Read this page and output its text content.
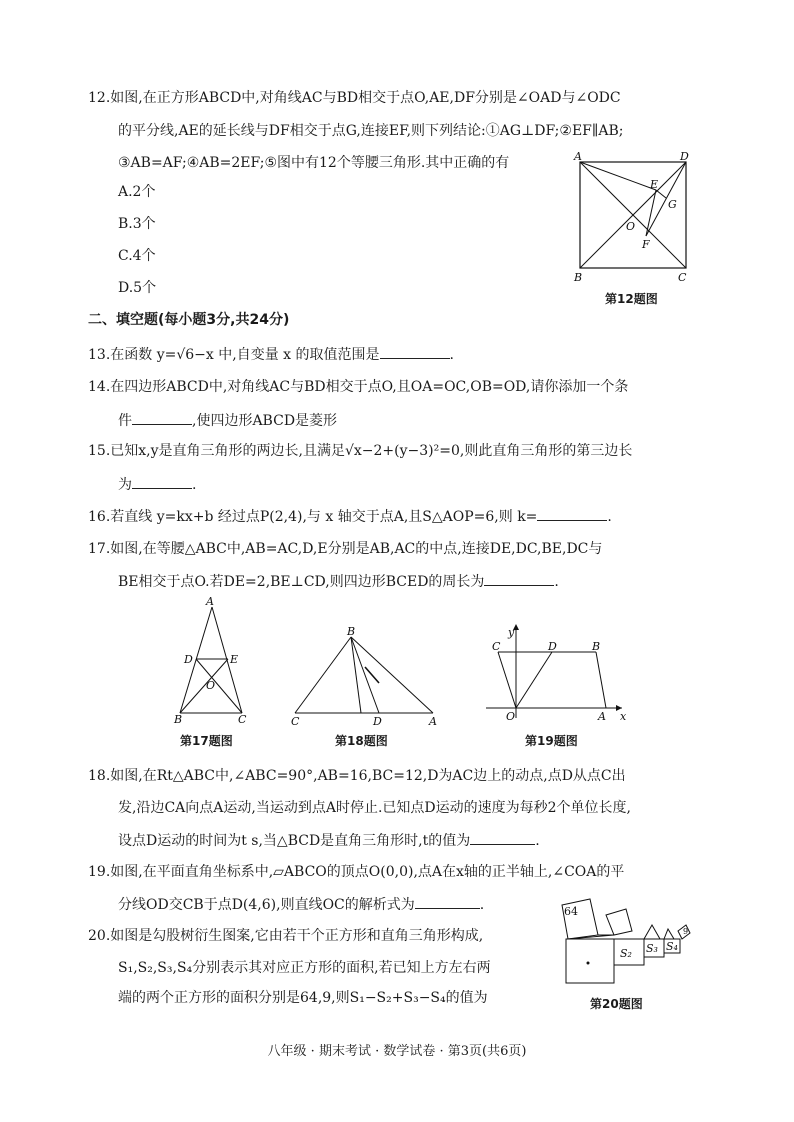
12.如图,在正方形ABCD中,对角线AC与BD相交于点O,AE,DF分别是∠OAD与∠ODC
的平分线,AE的延长线与DF相交于点G,连接EF,则下列结论:①AG⊥DF;②EF∥AB;
③AB=AF;④AB=2EF;⑤图中有12个等腰三角形.其中正确的有
A.2个
B.3个
C.4个
D.5个
A	D
E
G
O
F
B	C
第12题图
二、填空题(每小题3分,共24分)
13.在函数 y=√6−x 中,自变量 x 的取值范围是	.
14.在四边形ABCD中,对角线AC与BD相交于点O,且OA=OC,OB=OD,请你添加一个条
件	,使四边形ABCD是菱形
15.已知x,y是直角三角形的两边长,且满足√x−2+(y−3)²=0,则此直角三角形的第三边长
为	.
16.若直线 y=kx+b 经过点P(2,4),与 x 轴交于点A,且S△AOP=6,则 k=	.
17.如图,在等腰△ABC中,AB=AC,D,E分别是AB,AC的中点,连接DE,DC,BE,DC与
BE相交于点O.若DE=2,BE⊥CD,则四边形BCED的周长为	.
A
D	E
O
B	C
第17题图
B
C	D	A
第18题图
y
C	D	B
O	A x
第19题图
18.如图,在Rt△ABC中,∠ABC=90°,AB=16,BC=12,D为AC边上的动点,点D从点C出
发,沿边CA向点A运动,当运动到点A时停止.已知点D运动的速度为每秒2个单位长度,
设点D运动的时间为t s,当△BCD是直角三角形时,t的值为	.
19.如图,在平面直角坐标系中,▱ABCO的顶点O(0,0),点A在x轴的正半轴上,∠COA的平
分线OD交CB于点D(4,6),则直线OC的解析式为	.
20.如图是勾股树衍生图案,它由若干个正方形和直角三角形构成,
S₁,S₂,S₃,S₄分别表示其对应正方形的面积,若已知上方左右两
端的两个正方形的面积分别是64,9,则S₁−S₂+S₃−S₄的值为
64
S₂ S₃ S₄
9
第20题图
八年级 · 期末考试 · 数学试卷 · 第3页(共6页)
